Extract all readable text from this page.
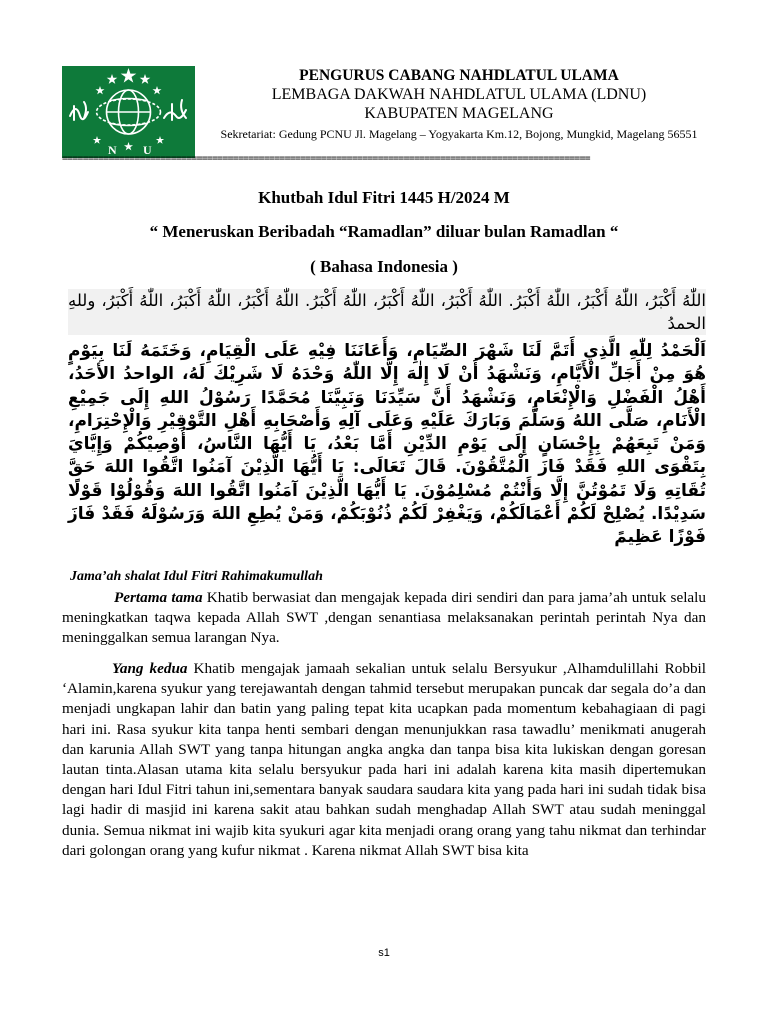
N U
PENGURUS CABANG NAHDLATUL ULAMA
LEMBAGA DAKWAH NAHDLATUL ULAMA (LDNU)
KABUPATEN MAGELANG
Sekretariat: Gedung PCNU Jl. Magelang – Yogyakarta Km.12, Bojong, Mungkid, Magelang 56551
======================================================================================================
Khutbah Idul Fitri 1445 H/2024 M
“ Meneruskan Beribadah “Ramadlan” diluar bulan Ramadlan “
( Bahasa Indonesia )
اللّٰهُ أَكْبَرُ، اللّٰهُ أَكْبَرُ، اللّٰهُ أَكْبَرُ. اللّٰهُ أَكْبَرُ، اللّٰهُ أَكْبَرُ، اللّٰهُ أَكْبَرُ. اللّٰهُ أَكْبَرُ، اللّٰهُ أَكْبَرُ، اللّٰهُ أَكْبَرُ، وللهِ الحمدُ
اَلْحَمْدُ لِلّٰهِ الَّذِي أَتَمَّ لَنَا شَهْرَ الصِّيَامِ، وَأَعَانَنَا فِيْهِ عَلَى الْقِيَامِ، وَخَتَمَهُ لَنَا بِيَوْمٍ هُوَ مِنْ أَجَلِّ الْأَيَّامِ، وَنَشْهَدُ أَنْ لَا إِلٰهَ إِلَّا اللّٰهُ وَحْدَهُ لَا شَرِيْكَ لَهُ، الواحدُ الأحَدُ، أَهْلُ الْفَضْلِ وَالْإِنْعَامِ، وَنَشْهَدُ أَنَّ سَيِّدَنَا وَنَبِيَّنَا مُحَمَّدًا رَسُوْلُ اللهِ إِلَى جَمِيْعِ الْأَنَامِ، صَلَّى اللهُ وَسَلَّمَ وَبَارَكَ عَلَيْهِ وَعَلَى آلِهِ وَأَصْحَابِهِ أَهْلِ التَّوْقِيْرِ وَالْإِحْتِرَامِ، وَمَنْ تَبِعَهُمْ بِإِحْسَانٍ إِلَى يَوْمِ الدِّيْنِ أَمَّا بَعْدُ، يَا أَيُّهَا النَّاسُ، أُوْصِيْكُمْ وَإِيَّايَ بِتَقْوَى اللهِ فَقَدْ فَازَ الْمُتَّقُوْنَ. قَالَ تَعَالَى: يَا أَيُّهَا الَّذِيْنَ آمَنُوا اتَّقُوا اللهَ حَقَّ تُقَاتِهِ وَلَا تَمُوْتُنَّ إِلَّا وَأَنْتُمْ مُسْلِمُوْنَ. يَا أَيُّهَا الَّذِيْنَ آمَنُوا اتَّقُوا اللهَ وَقُوْلُوْا قَوْلًا سَدِيْدًا. يُصْلِحْ لَكُمْ أَعْمَالَكُمْ، وَيَغْفِرْ لَكُمْ ذُنُوْبَكُمْ، وَمَنْ يُطِعِ اللهَ وَرَسُوْلَهُ فَقَدْ فَازَ فَوْزًا عَظِيمً
Jama’ah shalat Idul Fitri Rahimakumullah
Pertama tama Khatib berwasiat dan mengajak kepada diri sendiri dan para jama’ah untuk selalu meningkatkan taqwa kepada Allah SWT ,dengan senantiasa melaksanakan perintah perintah Nya dan meninggalkan semua larangan Nya.
Yang kedua Khatib mengajak jamaah sekalian untuk selalu Bersyukur ,Alhamdulillahi Robbil ‘Alamin,karena syukur yang terejawantah dengan tahmid tersebut merupakan puncak dar segala do’a dan menjadi ungkapan lahir dan batin yang paling tepat kita ucapkan pada momentum kebahagiaan di pagi hari ini. Rasa syukur kita tanpa henti sembari dengan menunjukkan rasa tawadlu’ menikmati anugerah dan karunia Allah SWT yang tanpa hitungan angka angka dan tanpa bisa kita lukiskan dengan goresan lautan tinta.Alasan utama kita selalu bersyukur pada hari ini adalah karena kita masih dipertemukan dengan hari Idul Fitri tahun ini,sementara banyak saudara saudara kita yang pada hari ini sudah tidak bisa lagi hadir di masjid ini karena sakit atau bahkan sudah menghadap Allah SWT atau sudah meninggal dunia. Semua nikmat ini wajib kita syukuri agar kita menjadi orang orang yang tahu nikmat dan terhindar dari golongan orang yang kufur nikmat . Karena nikmat Allah SWT bisa kita
s1
